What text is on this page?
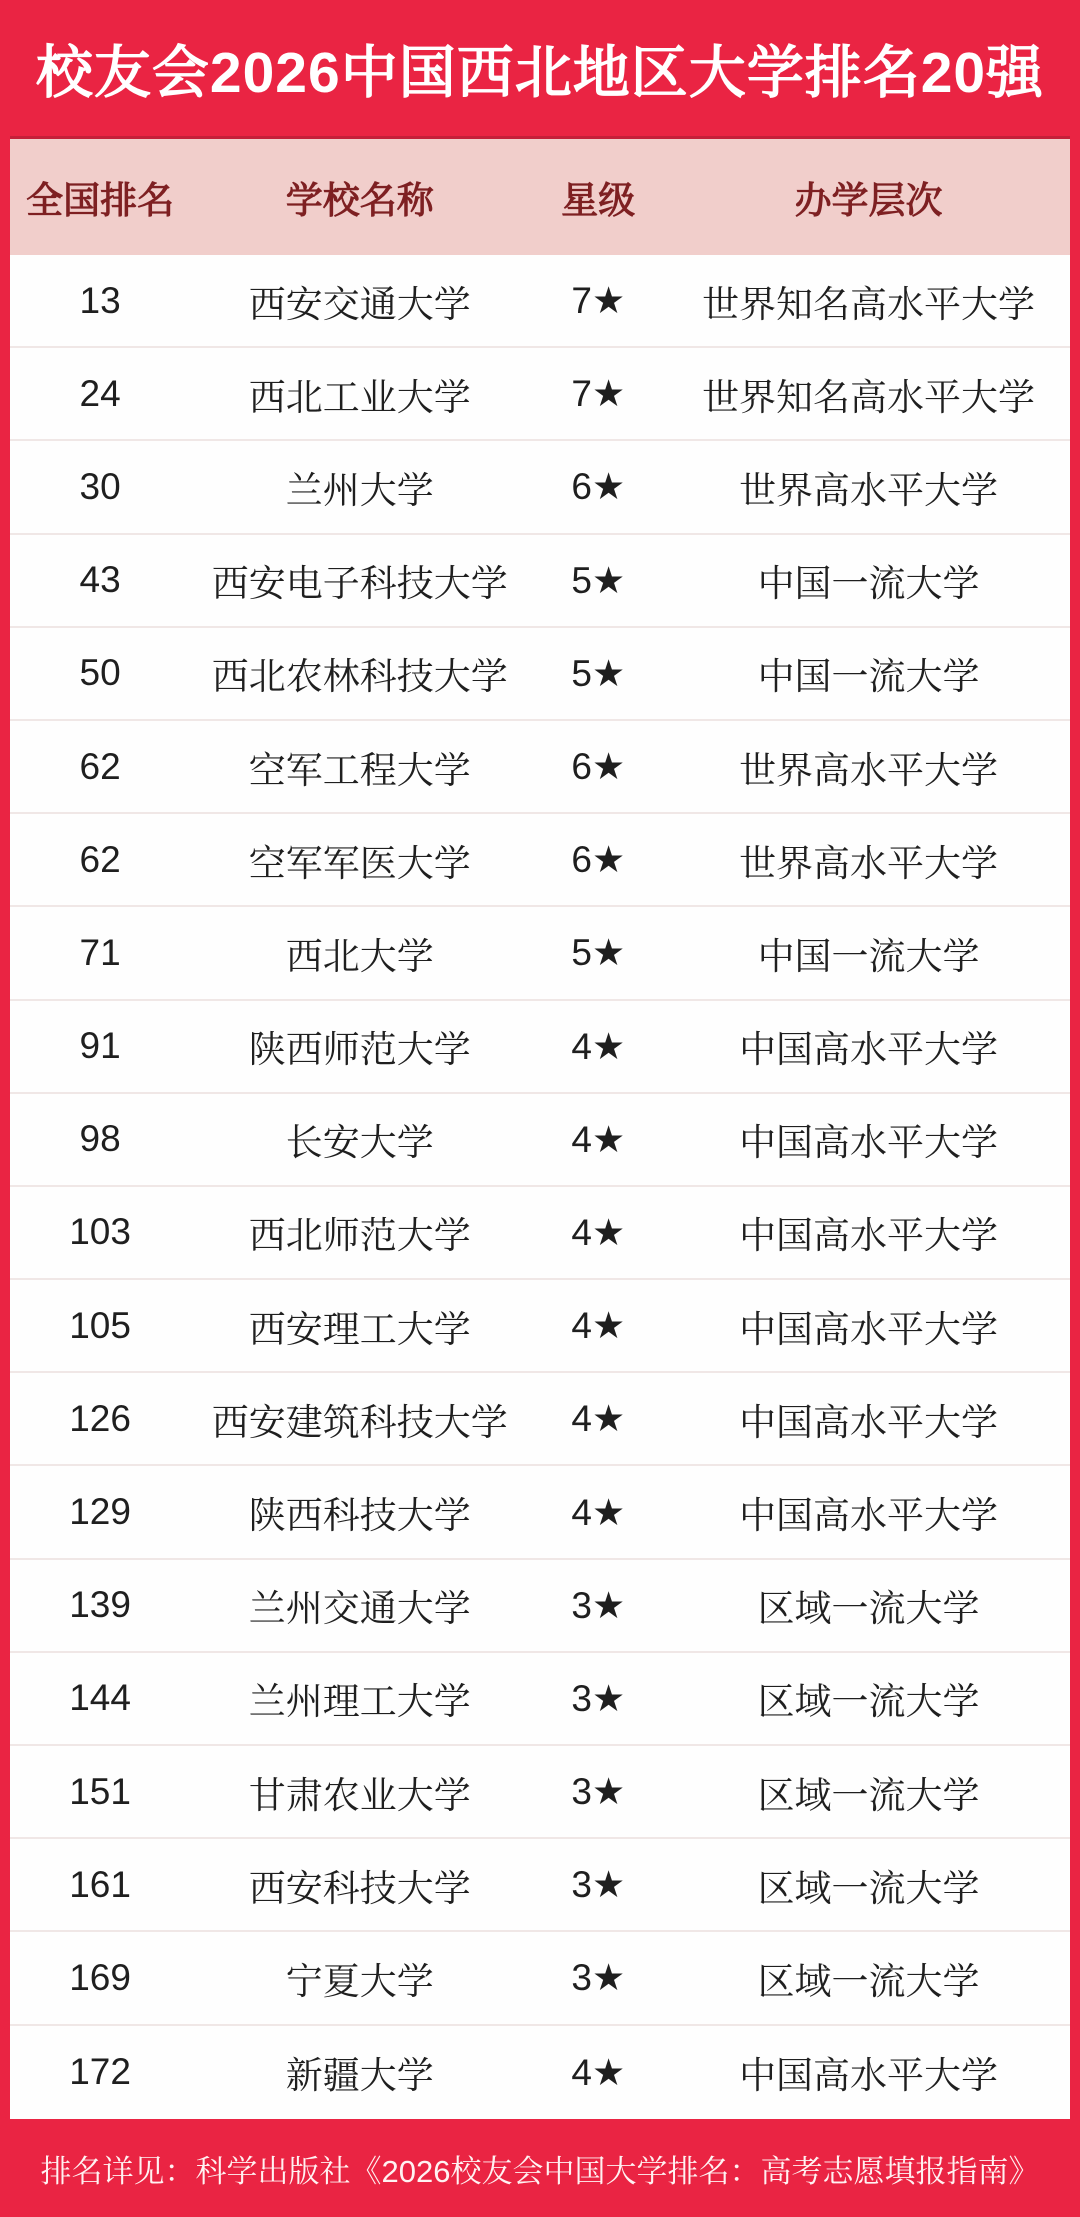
校友会2026中国西北地区大学排名20强
全国排名	学校名称	星级	办学层次
13	西安交通大学	7★	世界知名高水平大学
24	西北工业大学	7★	世界知名高水平大学
30	兰州大学	6★	世界高水平大学
43	西安电子科技大学	5★	中国一流大学
50	西北农林科技大学	5★	中国一流大学
62	空军工程大学	6★	世界高水平大学
62	空军军医大学	6★	世界高水平大学
71	西北大学	5★	中国一流大学
91	陕西师范大学	4★	中国高水平大学
98	长安大学	4★	中国高水平大学
103	西北师范大学	4★	中国高水平大学
105	西安理工大学	4★	中国高水平大学
126	西安建筑科技大学	4★	中国高水平大学
129	陕西科技大学	4★	中国高水平大学
139	兰州交通大学	3★	区域一流大学
144	兰州理工大学	3★	区域一流大学
151	甘肃农业大学	3★	区域一流大学
161	西安科技大学	3★	区域一流大学
169	宁夏大学	3★	区域一流大学
172	新疆大学	4★	中国高水平大学

排名详见：科学出版社《2026校友会中国大学排名：高考志愿填报指南》
